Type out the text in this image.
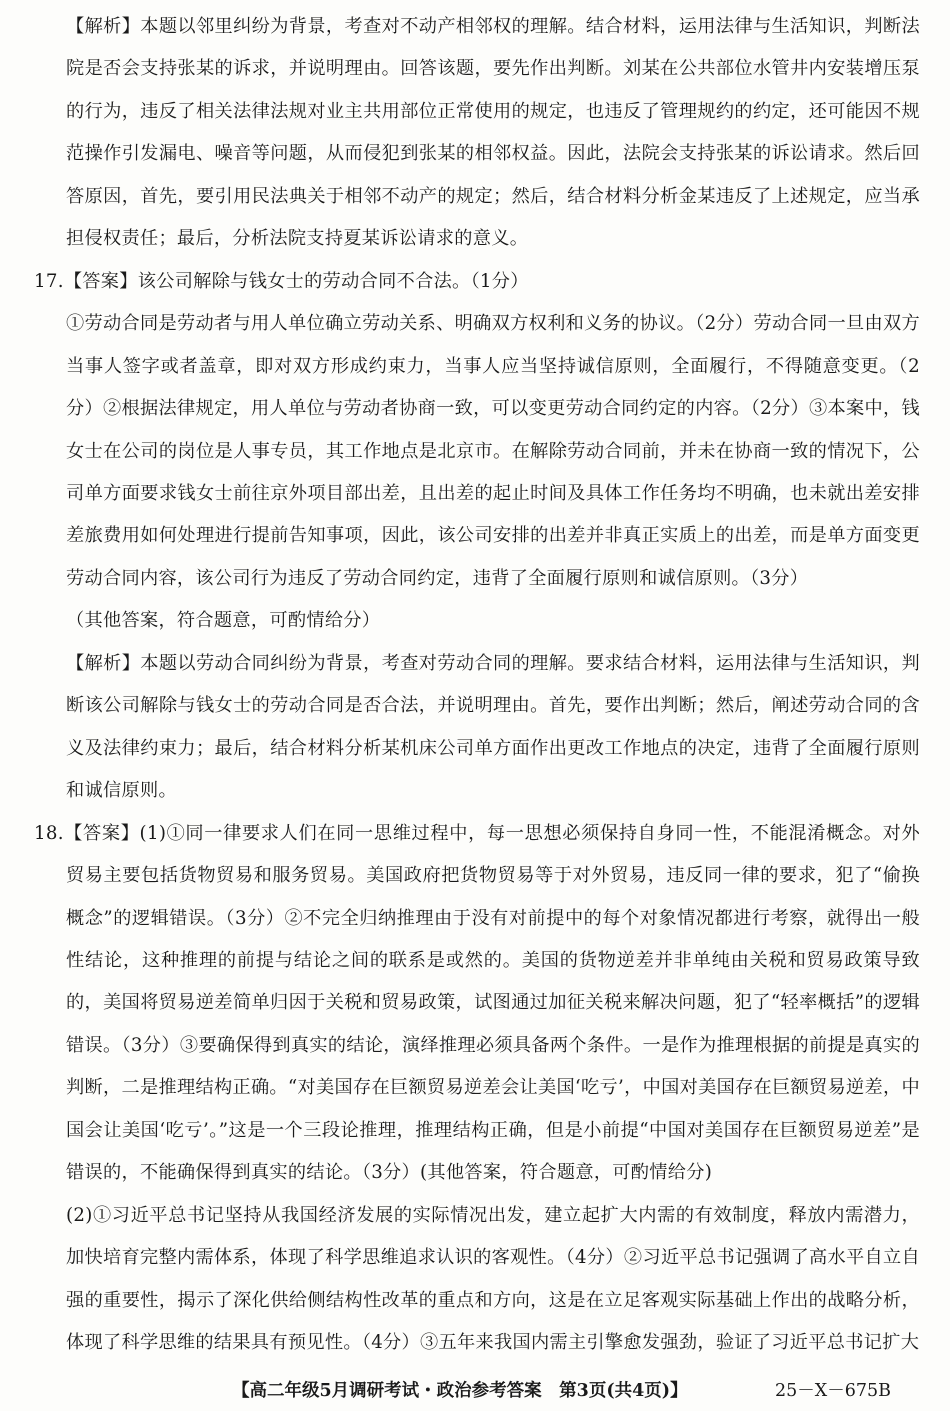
【解析】本题以邻里纠纷为背景，考查对不动产相邻权的理解。结合材料，运用法律与生活知识，判断法院是否会支持张某的诉求，并说明理由。回答该题，要先作出判断。刘某在公共部位水管井内安装增压泵的行为，违反了相关法律法规对业主共用部位正常使用的规定，也违反了管理规约的约定，还可能因不规范操作引发漏电、噪音等问题，从而侵犯到张某的相邻权益。因此，法院会支持张某的诉讼请求。然后回答原因，首先，要引用民法典关于相邻不动产的规定；然后，结合材料分析金某违反了上述规定，应当承担侵权责任；最后，分析法院支持夏某诉讼请求的意义。

17.【答案】该公司解除与钱女士的劳动合同不合法。（1分）

①劳动合同是劳动者与用人单位确立劳动关系、明确双方权利和义务的协议。（2分）劳动合同一旦由双方当事人签字或者盖章，即对双方形成约束力，当事人应当坚持诚信原则，全面履行，不得随意变更。（2分）②根据法律规定，用人单位与劳动者协商一致，可以变更劳动合同约定的内容。（2分）③本案中，钱女士在公司的岗位是人事专员，其工作地点是北京市。在解除劳动合同前，并未在协商一致的情况下，公司单方面要求钱女士前往京外项目部出差，且出差的起止时间及具体工作任务均不明确，也未就出差安排差旅费用如何处理进行提前告知事项，因此，该公司安排的出差并非真正实质上的出差，而是单方面变更劳动合同内容，该公司行为违反了劳动合同约定，违背了全面履行原则和诚信原则。（3分）

（其他答案，符合题意，可酌情给分）

【解析】本题以劳动合同纠纷为背景，考查对劳动合同的理解。要求结合材料，运用法律与生活知识，判断该公司解除与钱女士的劳动合同是否合法，并说明理由。首先，要作出判断；然后，阐述劳动合同的含义及法律约束力；最后，结合材料分析某机床公司单方面作出更改工作地点的决定，违背了全面履行原则和诚信原则。

18.【答案】(1)①同一律要求人们在同一思维过程中，每一思想必须保持自身同一性，不能混淆概念。对外贸易主要包括货物贸易和服务贸易。美国政府把货物贸易等于对外贸易，违反同一律的要求，犯了“偷换概念”的逻辑错误。（3分）②不完全归纳推理由于没有对前提中的每个对象情况都进行考察，就得出一般性结论，这种推理的前提与结论之间的联系是或然的。美国的货物逆差并非单纯由关税和贸易政策导致的，美国将贸易逆差简单归因于关税和贸易政策，试图通过加征关税来解决问题，犯了“轻率概括”的逻辑错误。（3分）③要确保得到真实的结论，演绎推理必须具备两个条件。一是作为推理根据的前提是真实的判断，二是推理结构正确。“对美国存在巨额贸易逆差会让美国‘吃亏’，中国对美国存在巨额贸易逆差，中国会让美国‘吃亏’。”这是一个三段论推理，推理结构正确，但是小前提“中国对美国存在巨额贸易逆差”是错误的，不能确保得到真实的结论。（3分）(其他答案，符合题意，可酌情给分)

(2)①习近平总书记坚持从我国经济发展的实际情况出发，建立起扩大内需的有效制度，释放内需潜力，加快培育完整内需体系，体现了科学思维追求认识的客观性。（4分）②习近平总书记强调了高水平自立自强的重要性，揭示了深化供给侧结构性改革的重点和方向，这是在立足客观实际基础上作出的战略分析，体现了科学思维的结果具有预见性。（4分）③五年来我国内需主引擎愈发强劲，验证了习近平总书记扩大

【高二年级5月调研考试・政治参考答案　第3页(共4页)】	25－X－675B
